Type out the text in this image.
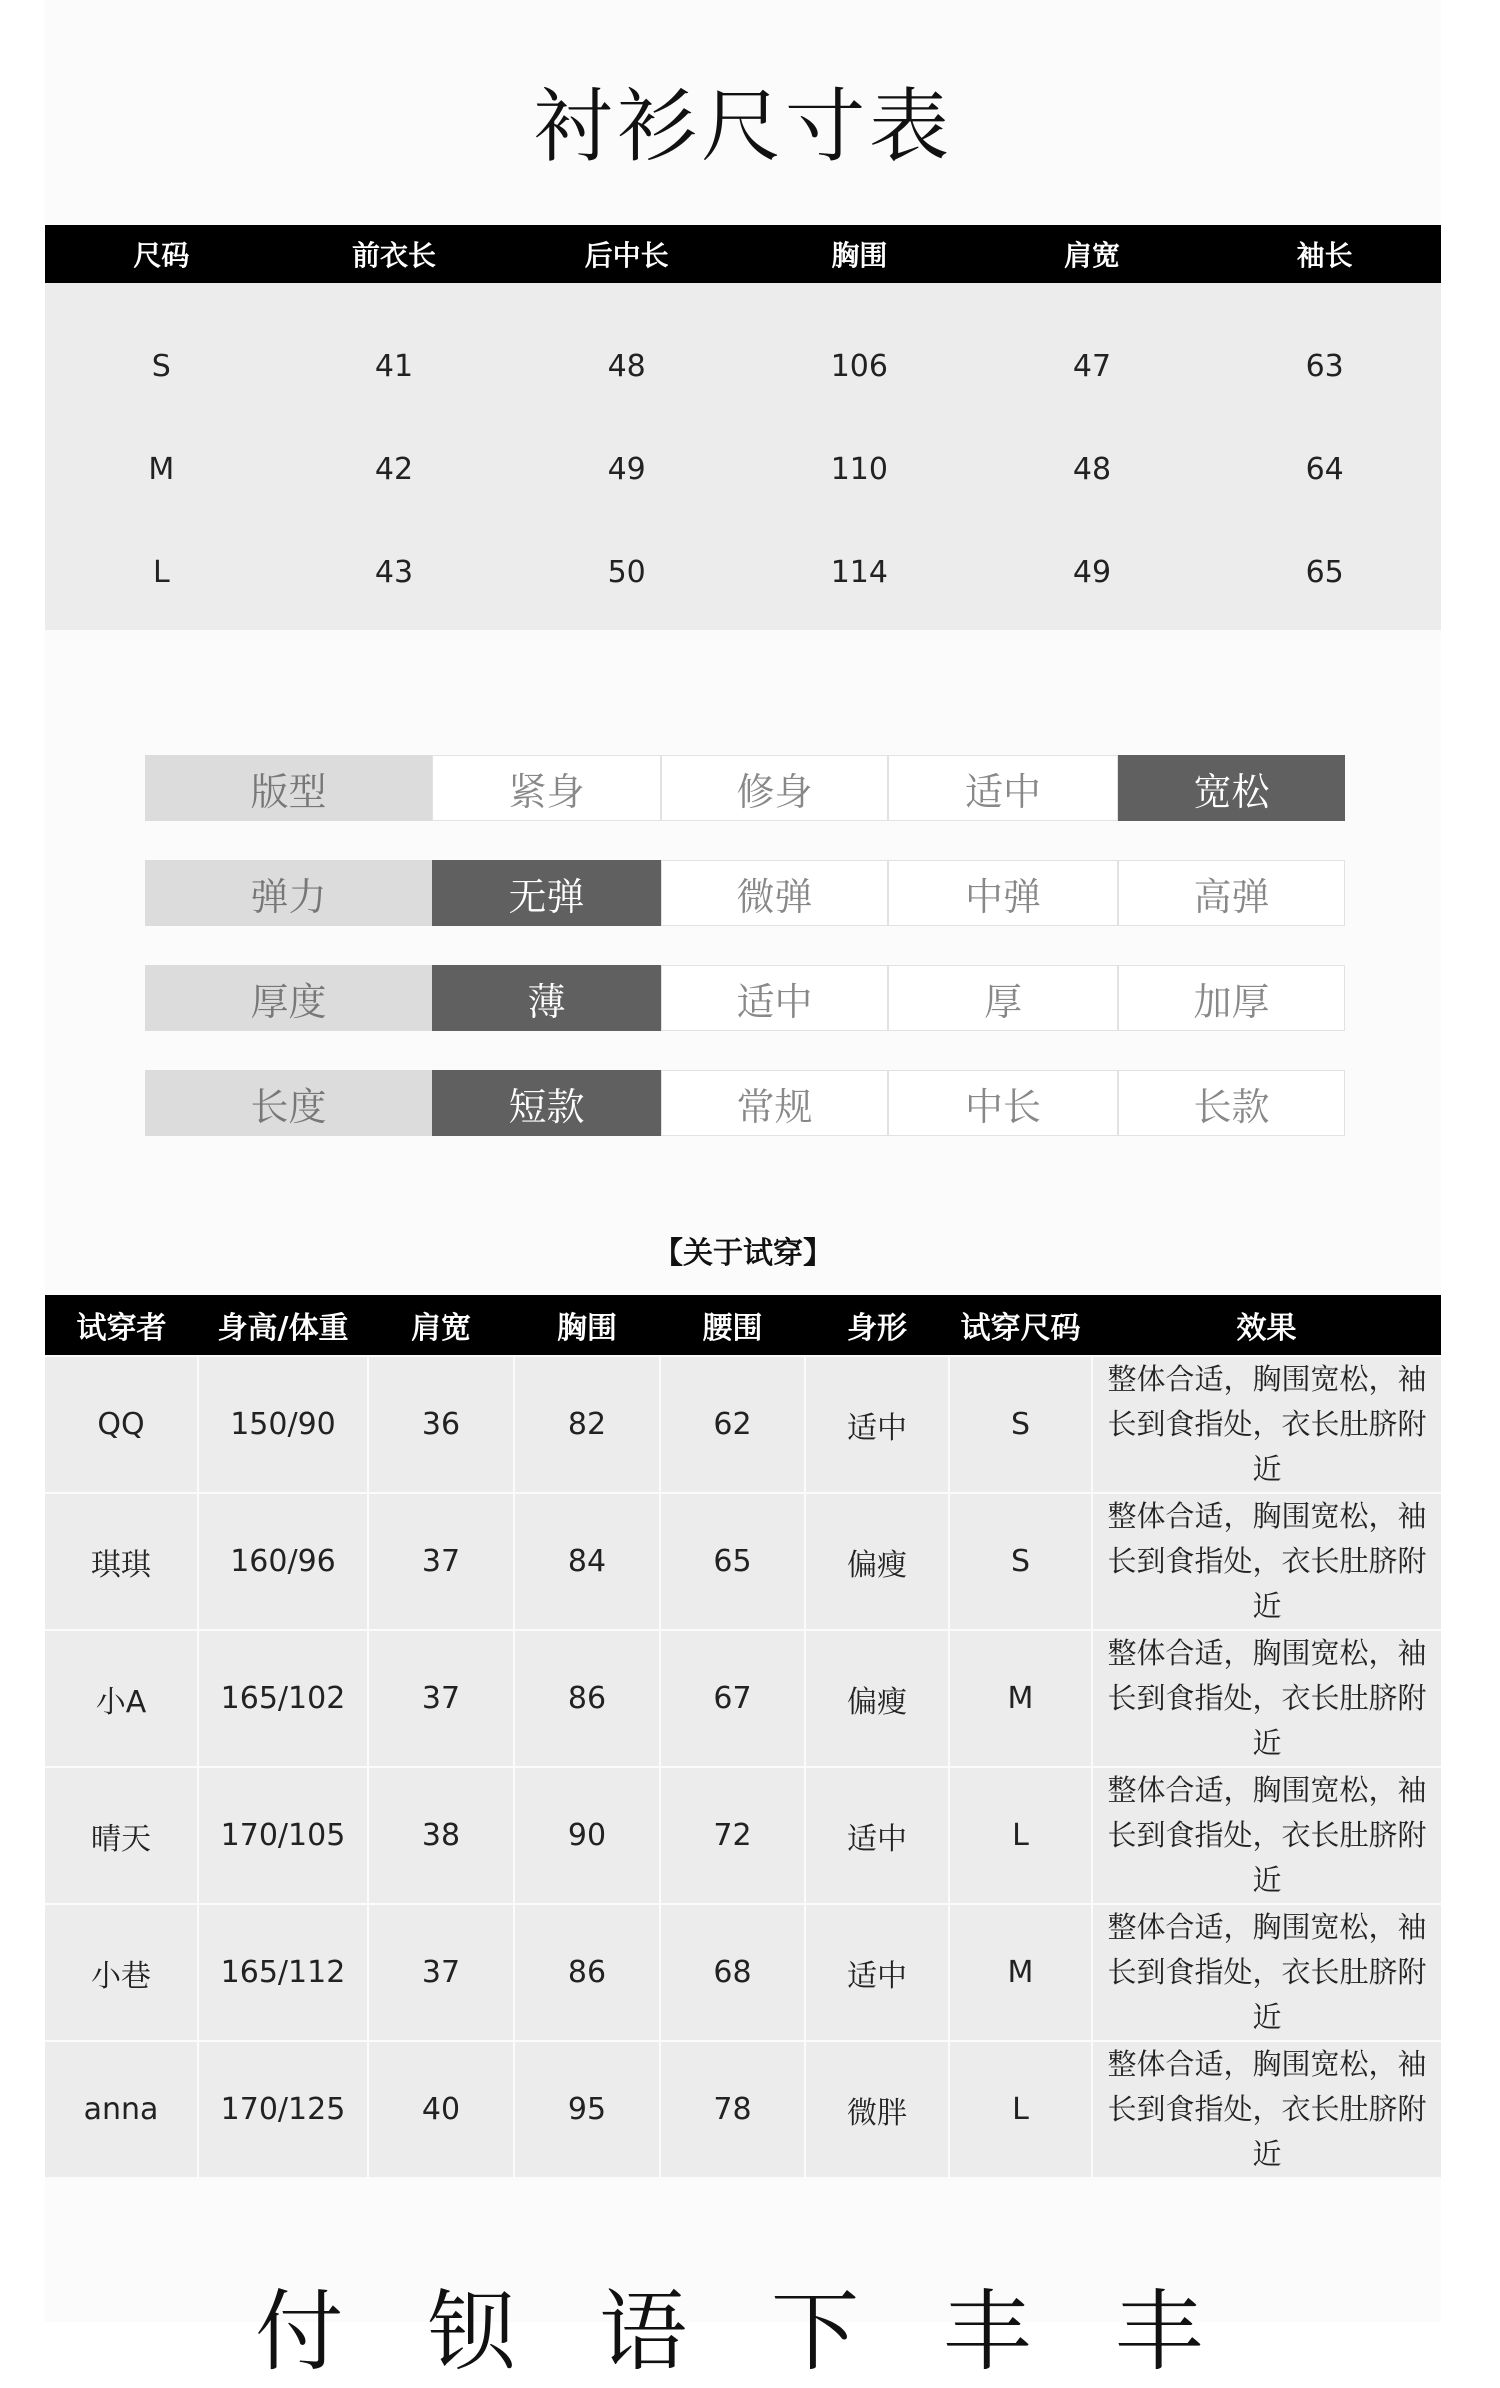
衬衫尺寸表
尺码	前衣长	后中长	胸围	肩宽	袖长
S	41	48	106	47	63
M	42	49	110	48	64
L	43	50	114	49	65
版型	紧身	修身	适中	宽松
弹力	无弹	微弹	中弹	高弹
厚度	薄	适中	厚	加厚
长度	短款	常规	中长	长款
【关于试穿】
试穿者	身高/体重	肩宽	胸围	腰围	身形	试穿尺码	效果
QQ	150/90	36	82	62	适中	S	整体合适，胸围宽松，袖长到食指处，衣长肚脐附近
琪琪	160/96	37	84	65	偏瘦	S	整体合适，胸围宽松，袖长到食指处，衣长肚脐附近
小A	165/102	37	86	67	偏瘦	M	整体合适，胸围宽松，袖长到食指处，衣长肚脐附近
晴天	170/105	38	90	72	适中	L	整体合适，胸围宽松，袖长到食指处，衣长肚脐附近
小巷	165/112	37	86	68	适中	M	整体合适，胸围宽松，袖长到食指处，衣长肚脐附近
anna	170/125	40	95	78	微胖	L	整体合适，胸围宽松，袖长到食指处，衣长肚脐附近
付 钡 语 下 丰 丰
